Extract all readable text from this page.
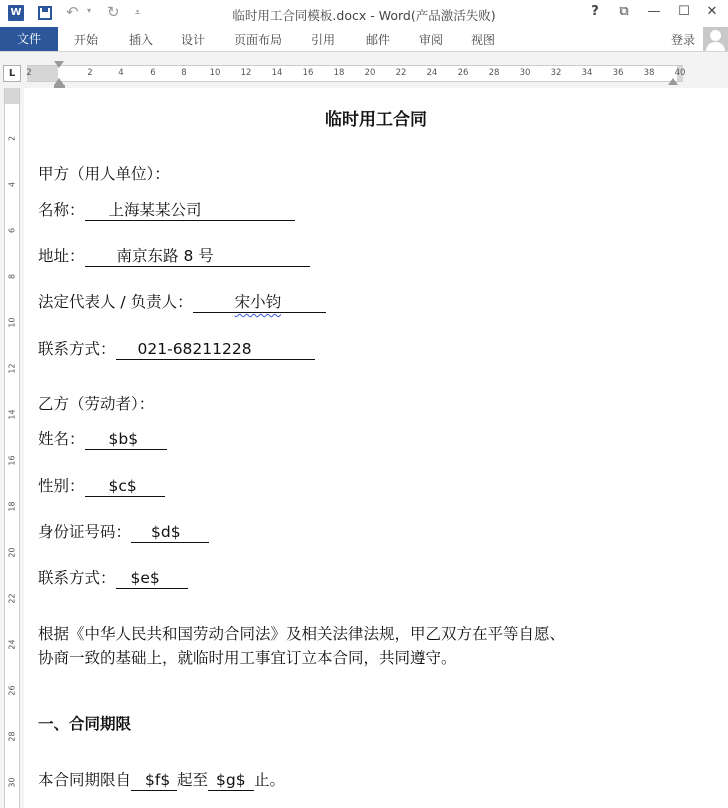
W	↶ ▾ ↻ ⩡	临时用工合同模板.docx - Word(产品激活失败)	?	⧉	—	☐	✕
文件	开始	插入 设计 页面布局 引用	邮件 审阅 视图	登录
L	2	2	4	6	8	10	12	14	16	18	20	22	24	26	28	30	32	34	36	38	40
2
4
6
8
10
12
14
16
18
20
22
24
26
28
30
临时用工合同
甲方（用人单位）：
名称： 上海某某公司
地址： 南京东路 8 号
法定代表人 / 负责人：	宋小钧
联系方式： 021-68211228
乙方（劳动者）：
姓名： $b$
性别： $c$
身份证号码： $d$
联系方式： $e$
根据《中华人民共和国劳动合同法》及相关法律法规，甲乙双方在平等自愿、
协商一致的基础上，就临时用工事宜订立本合同，共同遵守。
一、合同期限
本合同期限自 $f$ 起至 $g$ 止。
